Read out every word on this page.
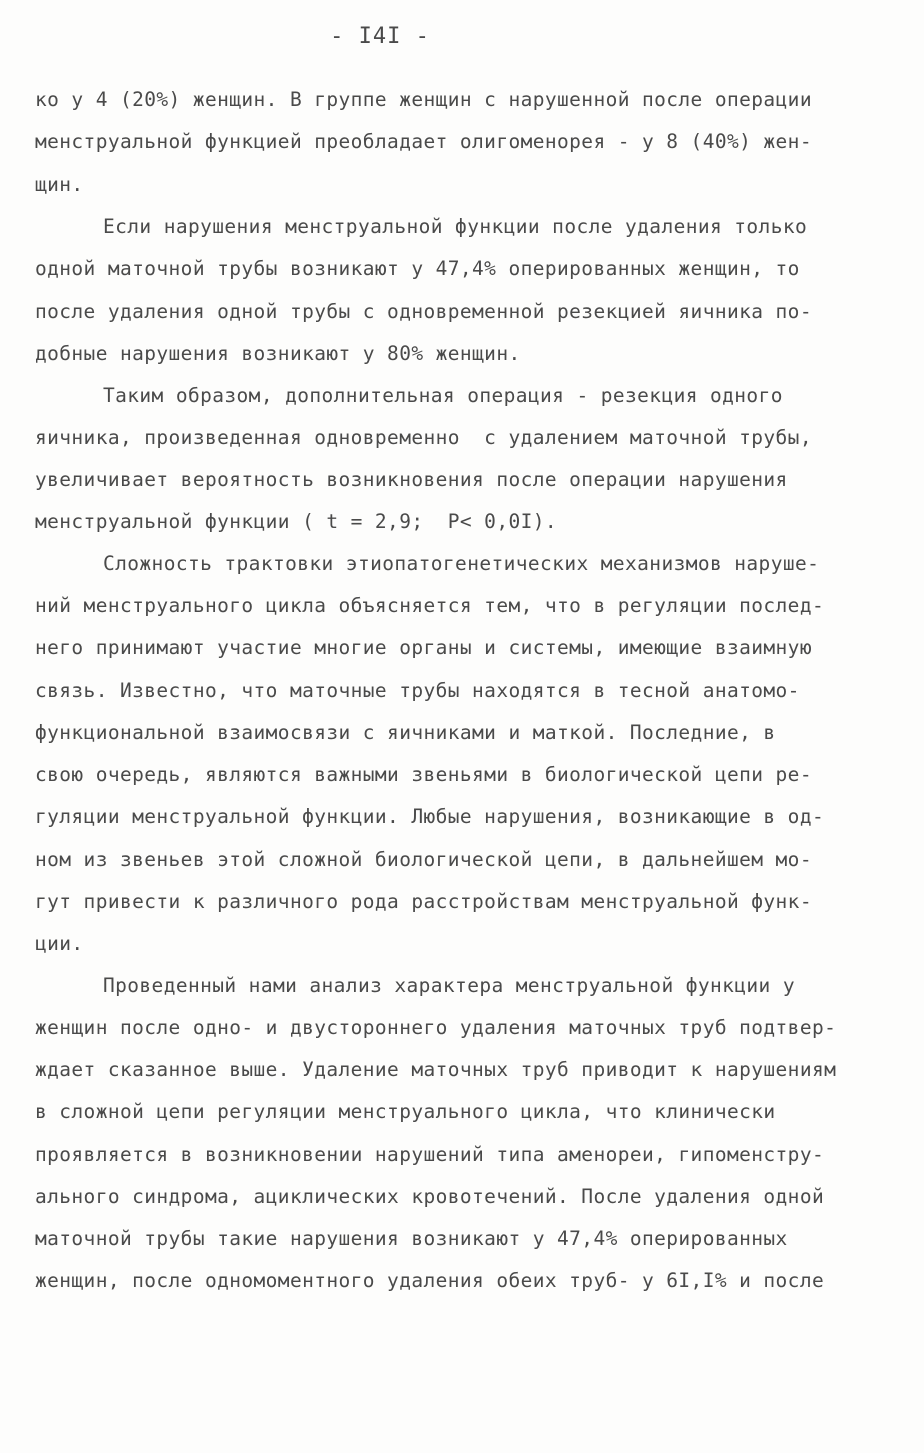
- I4I -
ко у 4 (20%) женщин. В группе женщин с нарушенной после операции
менструальной функцией преобладает олигоменорея - у 8 (40%) жен-
щин.
Если нарушения менструальной функции после удаления только
одной маточной трубы возникают у 47,4% оперированных женщин, то
после удаления одной трубы с одновременной резекцией яичника по-
добные нарушения возникают у 80% женщин.
Таким образом, дополнительная операция - резекция одного
яичника, произведенная одновременно  с удалением маточной трубы,
увеличивает вероятность возникновения после операции нарушения
менструальной функции ( t = 2,9;  P< 0,0I).
Сложность трактовки этиопатогенетических механизмов наруше-
ний менструального цикла объясняется тем, что в регуляции послед-
него принимают участие многие органы и системы, имеющие взаимную
связь. Известно, что маточные трубы находятся в тесной анатомо-
функциональной взаимосвязи с яичниками и маткой. Последние, в
свою очередь, являются важными звеньями в биологической цепи ре-
гуляции менструальной функции. Любые нарушения, возникающие в од-
ном из звеньев этой сложной биологической цепи, в дальнейшем мо-
гут привести к различного рода расстройствам менструальной функ-
ции.
Проведенный нами анализ характера менструальной функции у
женщин после одно- и двустороннего удаления маточных труб подтвер-
ждает сказанное выше. Удаление маточных труб приводит к нарушениям
в сложной цепи регуляции менструального цикла, что клинически
проявляется в возникновении нарушений типа аменореи, гипоменстру-
ального синдрома, ациклических кровотечений. После удаления одной
маточной трубы такие нарушения возникают у 47,4% оперированных
женщин, после одномоментного удаления обеих труб- у 6I,I% и после
